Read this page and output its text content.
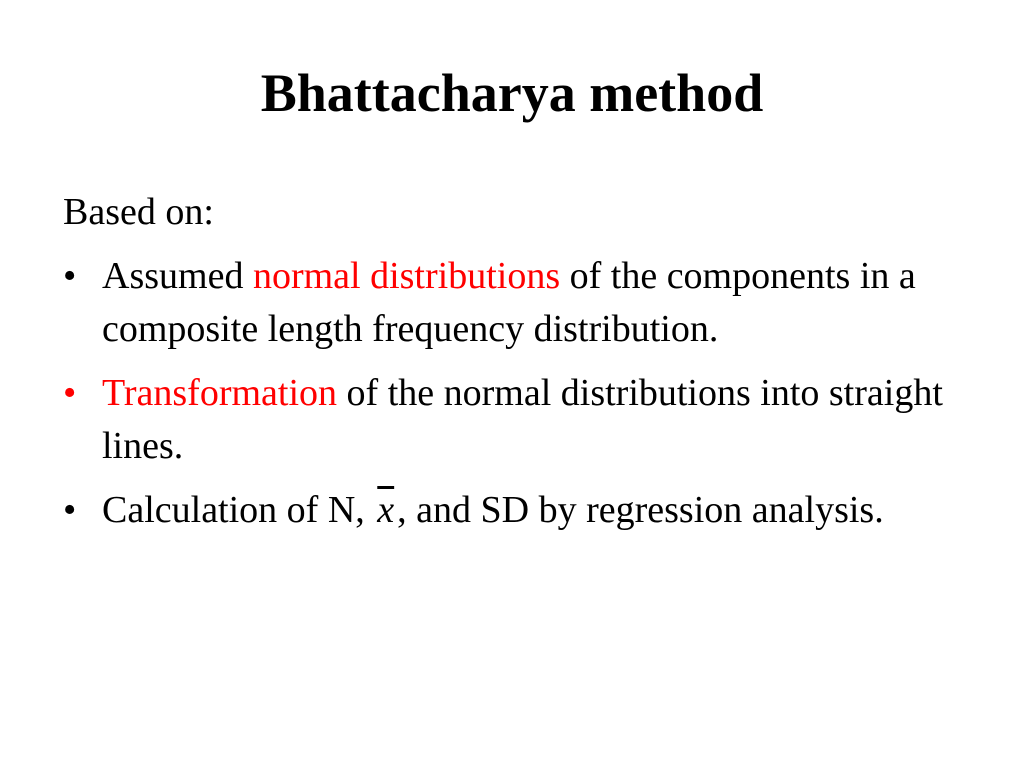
Bhattacharya method

Based on:

• Assumed normal distributions of the components in a composite length frequency distribution.
• Transformation of the normal distributions into straight lines.
• Calculation of N, $\overline{x}$, and SD by regression analysis.
